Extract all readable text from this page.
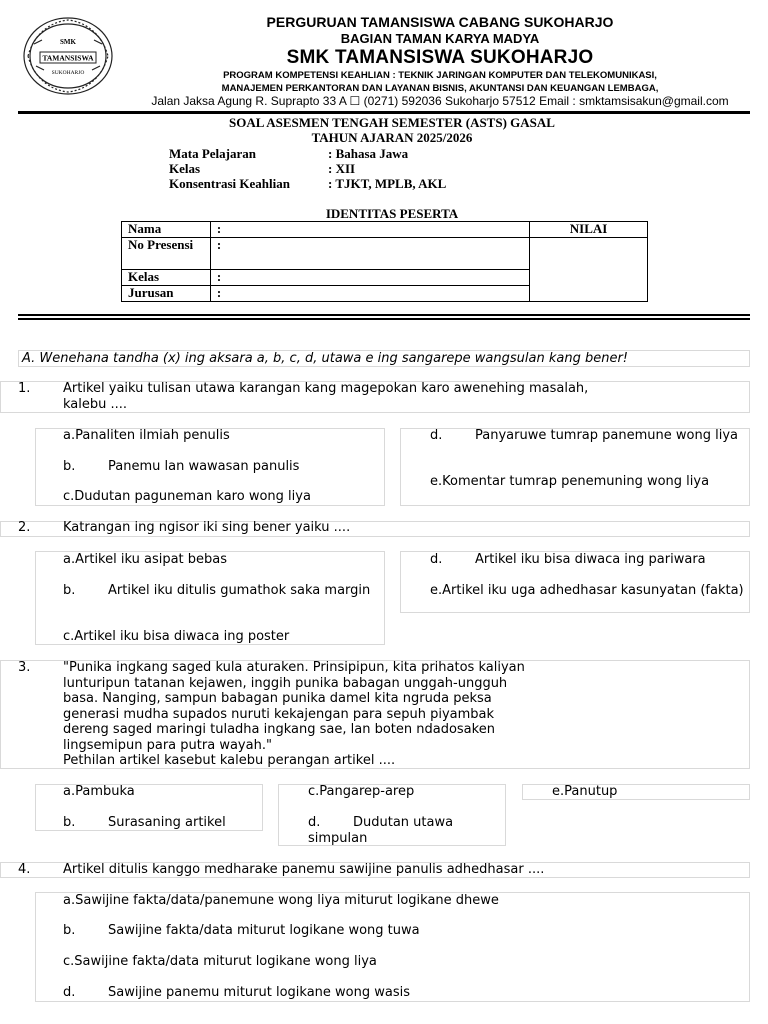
SMK
TAMANSISWA
SUKOHARJO
PERGURUAN TAMANSISWA CABANG SUKOHARJO
BAGIAN TAMAN KARYA MADYA
SMK TAMANSISWA SUKOHARJO
PROGRAM KOMPETENSI KEAHLIAN : TEKNIK JARINGAN KOMPUTER DAN TELEKOMUNIKASI,
MANAJEMEN PERKANTORAN DAN LAYANAN BISNIS, AKUNTANSI DAN KEUANGAN LEMBAGA,
Jalan Jaksa Agung R. Suprapto 33 A ☐ (0271) 592036 Sukoharjo 57512 Email : smktamsisakun@gmail.com
SOAL ASESMEN TENGAH SEMESTER (ASTS) GASAL
TAHUN AJARAN 2025/2026
Mata Pelajaran	: Bahasa Jawa
Kelas	: XII
Konsentrasi Keahlian	: TJKT, MPLB, AKL
IDENTITAS PESERTA
Nama	:	NILAI
No Presensi	:	
Kelas	:	
Jurusan	:	
A. Wenehana tandha (x) ing aksara a, b, c, d, utawa e ing sangarepe wangsulan kang bener!
1.	Artikel yaiku tulisan utawa karangan kang magepokan karo awenehing masalah, kalebu ....
a.Panaliten ilmiah penulis
b.	Panemu lan wawasan panulis
c.Dudutan paguneman karo wong liya
d.	Panyaruwe tumrap panemune wong liya
e.Komentar tumrap penemuning wong liya
2.	Katrangan ing ngisor iki sing bener yaiku ....
a.Artikel iku asipat bebas
b.	Artikel iku ditulis gumathok saka margin
c.Artikel iku bisa diwaca ing poster
d.	Artikel iku bisa diwaca ing pariwara
e.Artikel iku uga adhedhasar kasunyatan (fakta)
3.	"Punika ingkang saged kula aturaken. Prinsipipun, kita prihatos kaliyan
lunturipun tatanan kejawen, inggih punika babagan unggah-ungguh
basa. Nanging, sampun babagan punika damel kita ngruda peksa
generasi mudha supados nuruti kekajengan para sepuh piyambak
dereng saged maringi tuladha ingkang sae, lan boten ndadosaken
lingsemipun para putra wayah."
Pethilan artikel kasebut kalebu perangan artikel ....
a.Pambuka
b.	Surasaning artikel
c.Pangarep-arep
d.	Dudutan utawa simpulan
e.Panutup
4.	Artikel ditulis kanggo medharake panemu sawijine panulis adhedhasar ....
a.Sawijine fakta/data/panemune wong liya miturut logikane dhewe
b.	Sawijine fakta/data miturut logikane wong tuwa
c.Sawijine fakta/data miturut logikane wong liya
d.	Sawijine panemu miturut logikane wong wasis
